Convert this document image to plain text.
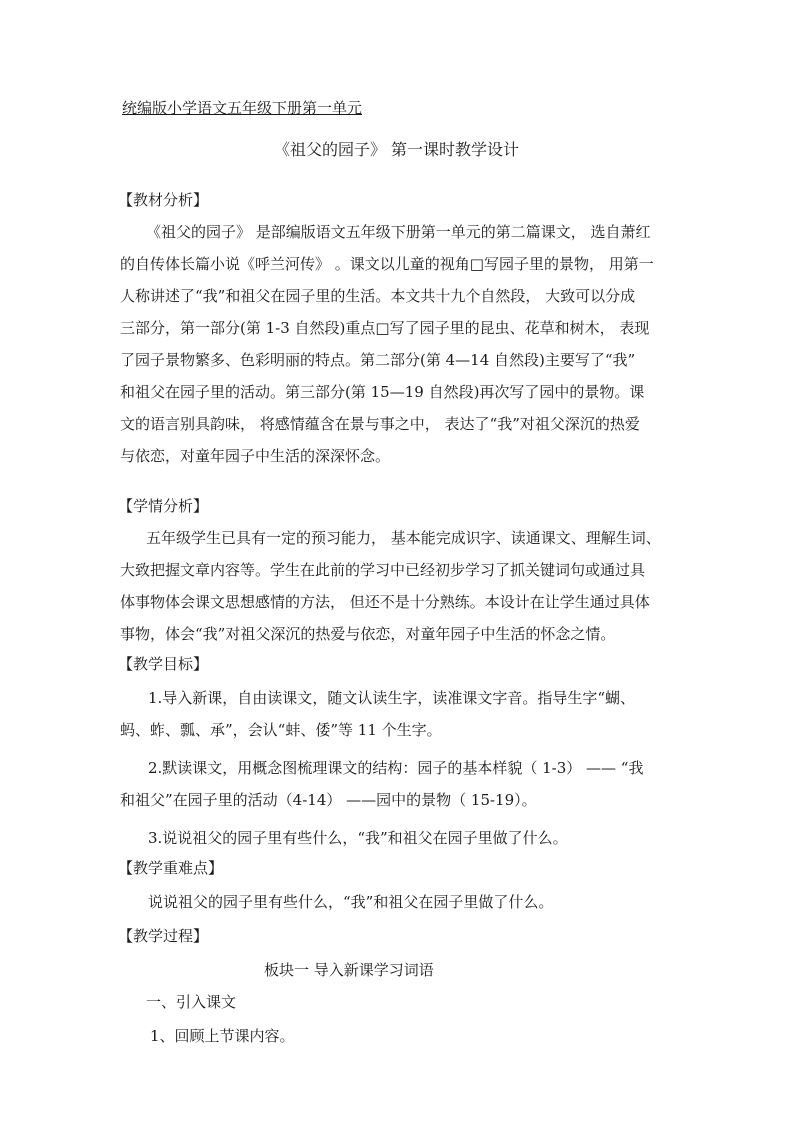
统编版小学语文五年级下册第一单元
《祖父的园子》 第一课时教学设计
【教材分析】
《祖父的园子》 是部编版语文五年级下册第一单元的第二篇课文， 选自萧红
的自传体长篇小说《呼兰河传》 。课文以儿童的视角□写园子里的景物， 用第一
人称讲述了“我”和祖父在园子里的生活。本文共十九个自然段， 大致可以分成
三部分，第一部分(第 1-3 自然段)重点□写了园子里的昆虫、花草和树木， 表现
了园子景物繁多、色彩明丽的特点。第二部分(第 4—14 自然段)主要写了“我”
和祖父在园子里的活动。第三部分(第 15—19 自然段)再次写了园中的景物。课
文的语言别具韵味， 将感情蕴含在景与事之中， 表达了“我”对祖父深沉的热爱
与依恋，对童年园子中生活的深深怀念。
【学情分析】
五年级学生已具有一定的预习能力， 基本能完成识字、读通课文、理解生词、
大致把握文章内容等。学生在此前的学习中已经初步学习了抓关键词句或通过具
体事物体会课文思想感情的方法， 但还不是十分熟练。本设计在让学生通过具体
事物，体会“我”对祖父深沉的热爱与依恋，对童年园子中生活的怀念之情。
【教学目标】
1.导入新课，自由读课文，随文认读生字，读准课文字音。指导生字“蝴、
蚂、蚱、瓢、承”，会认“蚌、倭”等 11 个生字。
2.默读课文，用概念图梳理课文的结构：园子的基本样貌（ 1-3） —— “我
和祖父”在园子里的活动（4-14） ——园中的景物（ 15-19）。
3.说说祖父的园子里有些什么，“我”和祖父在园子里做了什么。
【教学重难点】
说说祖父的园子里有些什么，“我”和祖父在园子里做了什么。
【教学过程】
板块一 导入新课学习词语
一、引入课文
1、回顾上节课内容。
